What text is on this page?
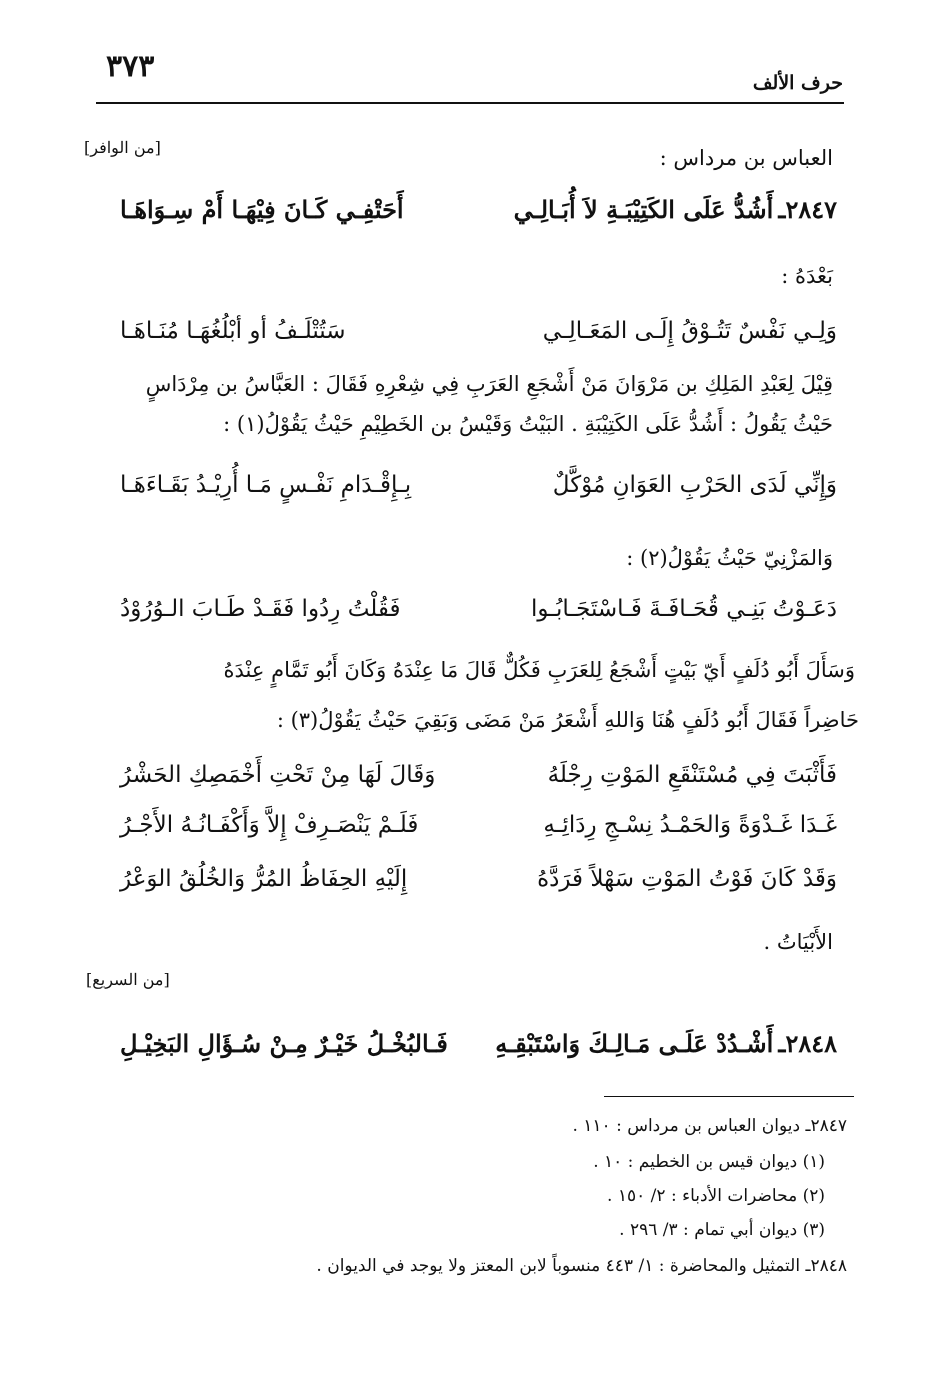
٣٧٣	حرف الألف
[من الوافر]	العباس بن مرداس :
٢٨٤٧ـ أَشُدُّ عَلَى الكَتِيْبَـةِ لاَ أُبَـالِـي
أَحَتْفِـي كَـانَ فِيْهَـا أَمْ سِـوَاهَـا
بَعْدَهُ :
وَلِـي نَفْسٌ تَتُـوْقُ إِلَـى المَعَـالِـي
سَتُتْلَـفُ أو أبْلُغُهَـا مُنَـاهَـا
قِيْلَ لِعَبْدِ المَلِكِ بن مَرْوَانَ مَنْ أَشْجَعِ العَرَبِ فِي شِعْرِهِ فَقَالَ : العَبَّاسُ بن مِرْدَاسٍ
حَيْثُ يَقُولُ : أَشُدُّ عَلَى الكَتِيْبَةِ . البَيْتُ وَقَيْسُ بن الخَطِيْمِ حَيْثُ يَقُوْلُ(١) :
وَإِنِّي لَدَى الحَرْبِ العَوَانِ مُوْكَّلٌ
بِـإِقْـدَامِ نَفْـسٍ مَـا أُرِيْـدُ بَقَـاءَهَـا
وَالمَزْنِيّ حَيْثُ يَقُوْلُ(٢) :
دَعَـوْتُ بَنِـي قُحَـافَـةَ فَـاسْتَجَـابُـوا
فَقُلْتُ رِدُوا فَقَـدْ طَـابَ الـوُرُوْدُ
وَسَأَلَ أَبُو دُلَفٍ أَيّ بَيْتٍ أَشْجَعُ لِلعَرَبِ فَكُلٌّ قَالَ مَا عِنْدَهُ وَكَانَ أَبُو تَمَّامٍ عِنْدَهُ
حَاضِراً فَقَالَ أَبُو دُلَفٍ هُنَا وَاللهِ أَشْعَرُ مَنْ مَضَى وَبَقِيَ حَيْثُ يَقُوْلُ(٣) :
فَأَثْبَتَ فِي مُسْتَنْقَعِ المَوْتِ رِجْلَهُ
وَقَالَ لَهَا مِنْ تَحْتِ أَخْمَصِكِ الحَشْرُ
غَـدَا غَـدْوَةً وَالحَمْـدُ نِسْـجِ رِدَائِـهِ
فَلَـمْ يَنْصَـرِفْ إِلاَّ وَأَكْفَـانُـهُ الأَجْـرُ
وَقَدْ كَانَ فَوْتُ المَوْتِ سَهْلاً فَرَدَّهُ
إِلَيْهِ الحِفَاظُ المُرُّ وَالخُلُقُ الوَعْرُ
الأَبْيَاتُ .
[من السريع]
٢٨٤٨ـ أَشْـدُدْ عَلَـى مَـالِـكَ وَاسْتَبْقِـهِ
فَـالبُخْـلُ خَيْـرٌ مِـنْ سُـؤَالِ البَخِيْـلِ
٢٨٤٧ـ ديوان العباس بن مرداس : ١١٠ .
(١) ديوان قيس بن الخطيم : ١٠ .
(٢) محاضرات الأدباء : ٢/ ١٥٠ .
(٣) ديوان أبي تمام : ٣/ ٢٩٦ .
٢٨٤٨ـ التمثيل والمحاضرة : ١/ ٤٤٣ منسوباً لابن المعتز ولا يوجد في الديوان .
